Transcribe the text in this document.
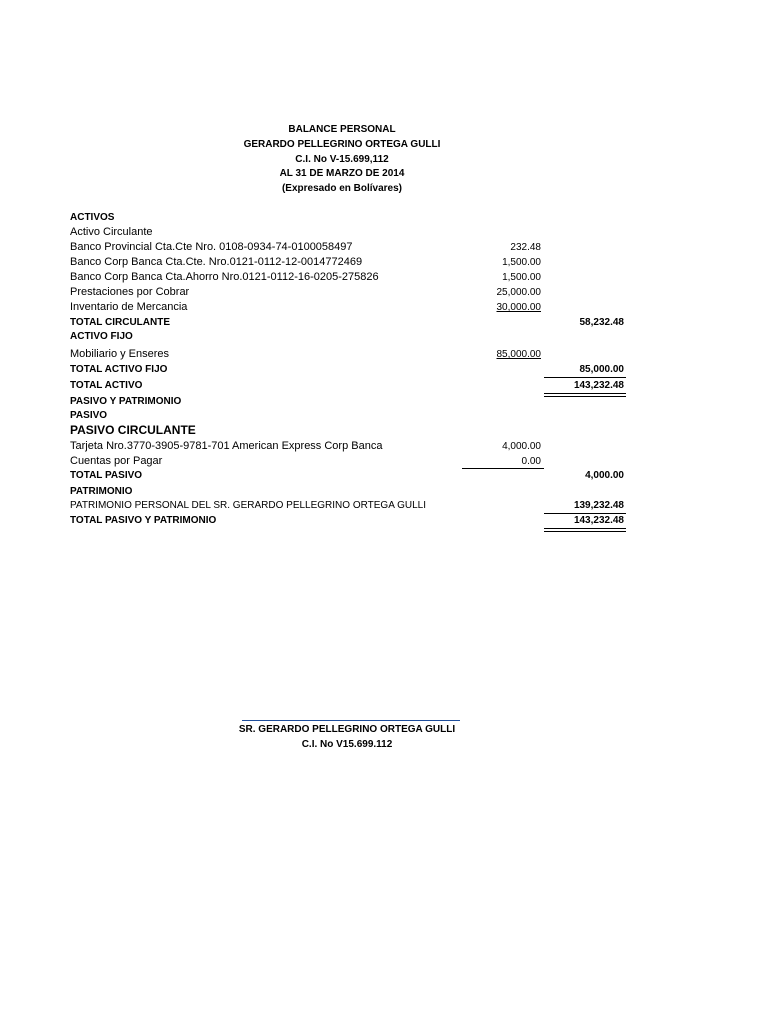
BALANCE PERSONAL
GERARDO PELLEGRINO ORTEGA GULLI
C.I. No V-15.699,112
AL 31 DE MARZO DE 2014
(Expresado en Bolívares)
ACTIVOS
Activo Circulante
Banco Provincial Cta.Cte Nro. 0108-0934-74-0100058497	232.48
Banco Corp Banca Cta.Cte. Nro.0121-0112-12-0014772469	1,500.00
Banco Corp Banca Cta.Ahorro Nro.0121-0112-16-0205-275826	1,500.00
Prestaciones por Cobrar	25,000.00
Inventario de Mercancia	30,000.00
TOTAL CIRCULANTE	58,232.48
ACTIVO FIJO
Mobiliario y Enseres	85,000.00
TOTAL ACTIVO FIJO	85,000.00
TOTAL ACTIVO	143,232.48
PASIVO Y PATRIMONIO
PASIVO
PASIVO CIRCULANTE
Tarjeta Nro.3770-3905-9781-701 American Express Corp Banca	4,000.00
Cuentas por Pagar	0.00
TOTAL PASIVO	4,000.00
PATRIMONIO
PATRIMONIO PERSONAL DEL SR. GERARDO PELLEGRINO ORTEGA GULLI	139,232.48
TOTAL PASIVO Y PATRIMONIO	143,232.48
SR. GERARDO PELLEGRINO ORTEGA GULLI
C.I. No V15.699.112
